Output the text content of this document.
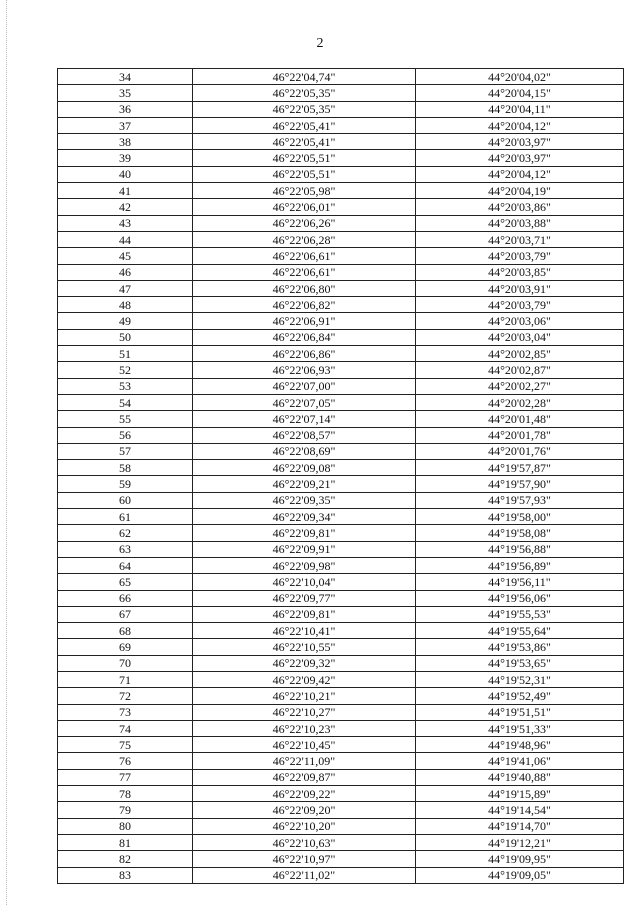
2
34	46°22'04,74"	44°20'04,02"
35	46°22'05,35"	44°20'04,15"
36	46°22'05,35"	44°20'04,11"
37	46°22'05,41"	44°20'04,12"
38	46°22'05,41"	44°20'03,97"
39	46°22'05,51"	44°20'03,97"
40	46°22'05,51"	44°20'04,12"
41	46°22'05,98"	44°20'04,19"
42	46°22'06,01"	44°20'03,86"
43	46°22'06,26"	44°20'03,88"
44	46°22'06,28"	44°20'03,71"
45	46°22'06,61"	44°20'03,79"
46	46°22'06,61"	44°20'03,85"
47	46°22'06,80"	44°20'03,91"
48	46°22'06,82"	44°20'03,79"
49	46°22'06,91"	44°20'03,06"
50	46°22'06,84"	44°20'03,04"
51	46°22'06,86"	44°20'02,85"
52	46°22'06,93"	44°20'02,87"
53	46°22'07,00"	44°20'02,27"
54	46°22'07,05"	44°20'02,28"
55	46°22'07,14"	44°20'01,48"
56	46°22'08,57"	44°20'01,78"
57	46°22'08,69"	44°20'01,76"
58	46°22'09,08"	44°19'57,87"
59	46°22'09,21"	44°19'57,90"
60	46°22'09,35"	44°19'57,93"
61	46°22'09,34"	44°19'58,00"
62	46°22'09,81"	44°19'58,08"
63	46°22'09,91"	44°19'56,88"
64	46°22'09,98"	44°19'56,89"
65	46°22'10,04"	44°19'56,11"
66	46°22'09,77"	44°19'56,06"
67	46°22'09,81"	44°19'55,53"
68	46°22'10,41"	44°19'55,64"
69	46°22'10,55"	44°19'53,86"
70	46°22'09,32"	44°19'53,65"
71	46°22'09,42"	44°19'52,31"
72	46°22'10,21"	44°19'52,49"
73	46°22'10,27"	44°19'51,51"
74	46°22'10,23"	44°19'51,33"
75	46°22'10,45"	44°19'48,96"
76	46°22'11,09"	44°19'41,06"
77	46°22'09,87"	44°19'40,88"
78	46°22'09,22"	44°19'15,89"
79	46°22'09,20"	44°19'14,54"
80	46°22'10,20"	44°19'14,70"
81	46°22'10,63"	44°19'12,21"
82	46°22'10,97"	44°19'09,95"
83	46°22'11,02"	44°19'09,05"
